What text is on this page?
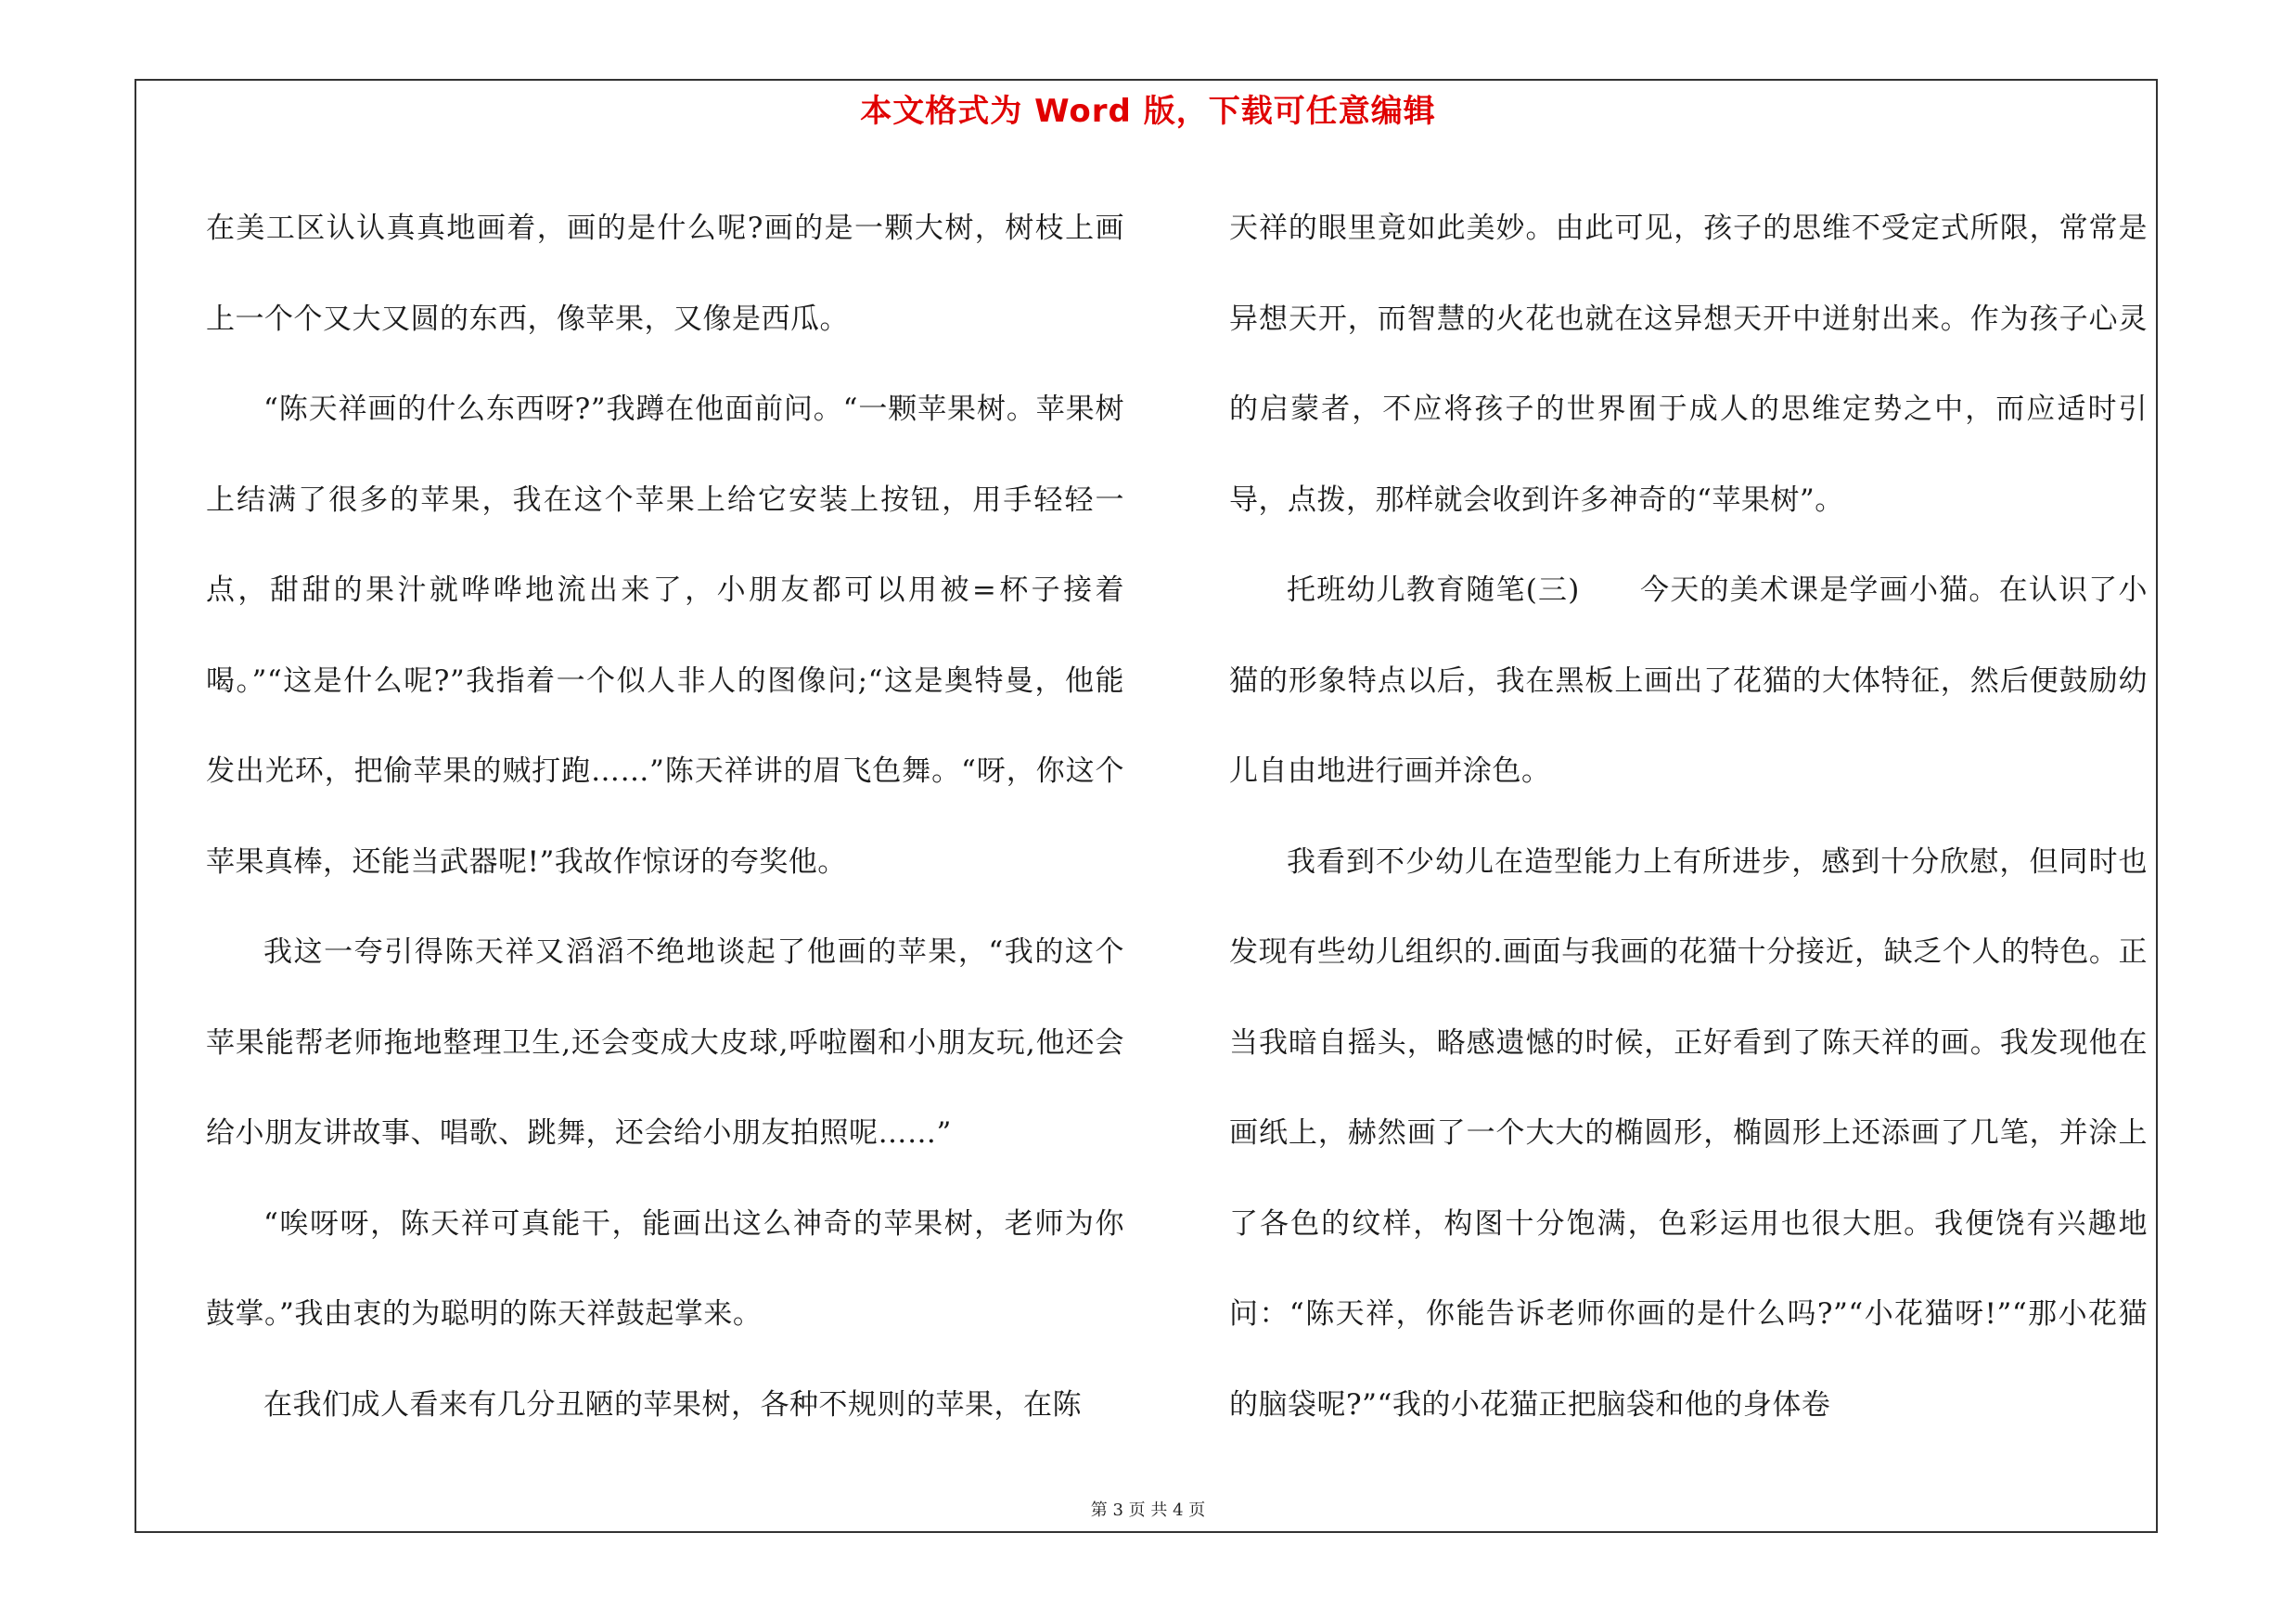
本文格式为 Word 版，下载可任意编辑

在美工区认认真真地画着，画的是什么呢?画的是一颗大树，树枝上画上一个个又大又圆的东西，像苹果，又像是西瓜。

“陈天祥画的什么东西呀?”我蹲在他面前问。“一颗苹果树。苹果树上结满了很多的苹果，我在这个苹果上给它安装上按钮，用手轻轻一点，甜甜的果汁就哗哗地流出来了，小朋友都可以用被=杯子接着喝。”“这是什么呢?”我指着一个似人非人的图像问;“这是奥特曼，他能发出光环，把偷苹果的贼打跑……”陈天祥讲的眉飞色舞。“呀，你这个苹果真棒，还能当武器呢!”我故作惊讶的夸奖他。

我这一夸引得陈天祥又滔滔不绝地谈起了他画的苹果，“我的这个苹果能帮老师拖地整理卫生,还会变成大皮球,呼啦圈和小朋友玩,他还会给小朋友讲故事、唱歌、跳舞，还会给小朋友拍照呢……”

“唉呀呀，陈天祥可真能干，能画出这么神奇的苹果树，老师为你鼓掌。”我由衷的为聪明的陈天祥鼓起掌来。

在我们成人看来有几分丑陋的苹果树，各种不规则的苹果，在陈

天祥的眼里竟如此美妙。由此可见，孩子的思维不受定式所限，常常是异想天开，而智慧的火花也就在这异想天开中迸射出来。作为孩子心灵的启蒙者，不应将孩子的世界囿于成人的思维定势之中，而应适时引导，点拨，那样就会收到许多神奇的“苹果树”。

托班幼儿教育随笔(三)　　今天的美术课是学画小猫。在认识了小猫的形象特点以后，我在黑板上画出了花猫的大体特征，然后便鼓励幼儿自由地进行画并涂色。

我看到不少幼儿在造型能力上有所进步，感到十分欣慰，但同时也发现有些幼儿组织的.画面与我画的花猫十分接近，缺乏个人的特色。正当我暗自摇头，略感遗憾的时候，正好看到了陈天祥的画。我发现他在画纸上，赫然画了一个大大的椭圆形，椭圆形上还添画了几笔，并涂上了各色的纹样，构图十分饱满，色彩运用也很大胆。我便饶有兴趣地问：“陈天祥，你能告诉老师你画的是什么吗?”“小花猫呀!”“那小花猫的脑袋呢?”“我的小花猫正把脑袋和他的身体卷

第 3 页 共 4 页
